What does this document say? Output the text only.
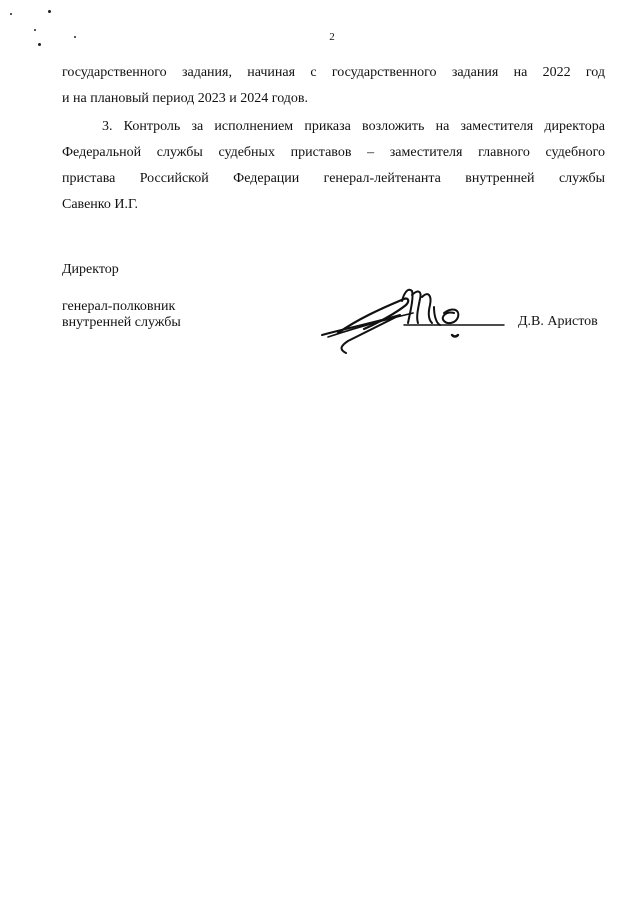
2
государственного задания, начиная с государственного задания на 2022 год
и на плановый период 2023 и 2024 годов.
3. Контроль за исполнением приказа возложить на заместителя директора
Федеральной службы судебных приставов – заместителя главного судебного
пристава Российской Федерации генерал-лейтенанта внутренней службы
Савенко И.Г.
Директор
генерал-полковник
внутренней службы	Д.В. Аристов
